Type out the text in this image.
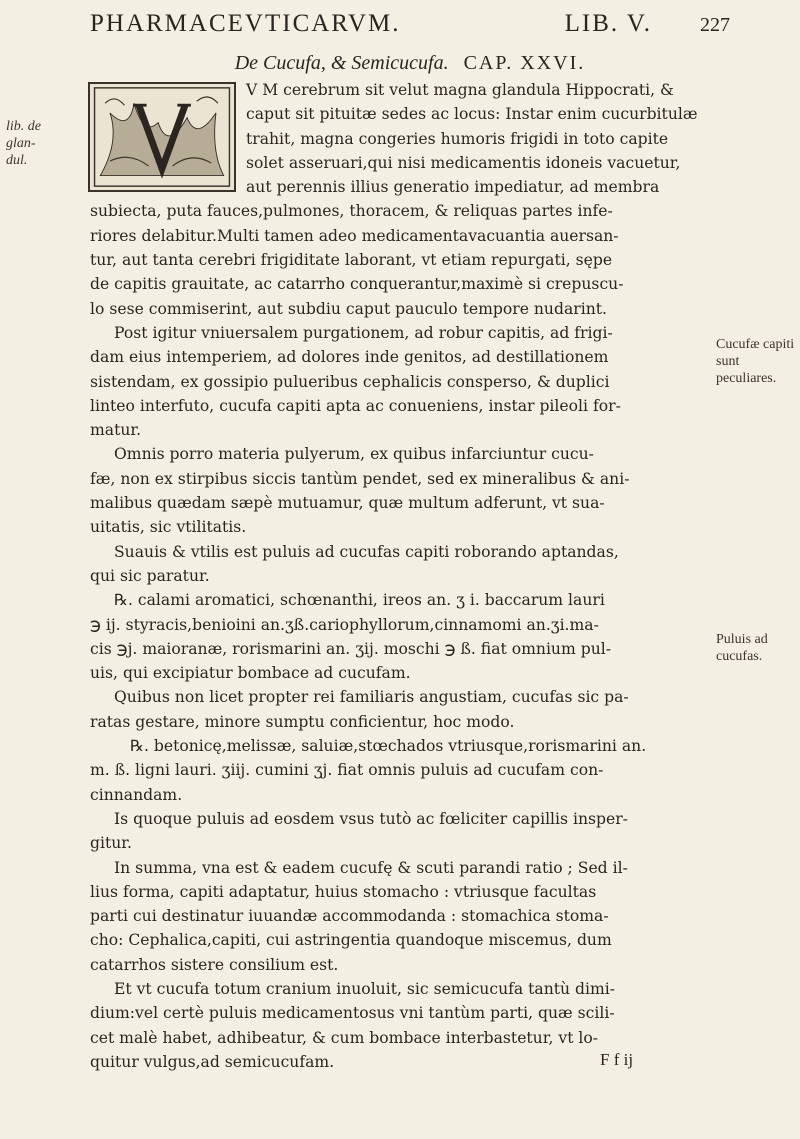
PHARMACEVTICARVM.	LIB. V. 227
De Cucufa, & Semicucufa. CAP. XXVI.
lib. de glan-dul.
Cucufæ capiti sunt peculiares.
Puluis ad cucufas.
V M cerebrum sit velut magna glandula Hippocrati, &
caput sit pituitæ sedes ac locus: Instar enim cucurbitulæ
trahit, magna congeries humoris frigidi in toto capite
solet asseruari,qui nisi medicamentis idoneis vacuetur,
aut perennis illius generatio impediatur, ad membra
subiecta, puta fauces,pulmones, thoracem, & reliquas partes infe-
riores delabitur.Multi tamen adeo medicamentavacuantia auersan-
tur, aut tanta cerebri frigiditate laborant, vt etiam repurgati, sępe
de capitis grauitate, ac catarrho conquerantur,maximè si crepuscu-
lo sese commiserint, aut subdiu caput pauculo tempore nudarint.
Post igitur vniuersalem purgationem, ad robur capitis, ad frigi-
dam eius intemperiem, ad dolores inde genitos, ad destillationem
sistendam, ex gossipio pulueribus cephalicis conspersо, & duplici
linteo interfuto, cucufa capiti apta ac conueniens, instar pileoli for-
matur.
Omnis porro materia pulуerum, ex quibus infarciuntur cucu-
fæ, non ex stirpibus siccis tantùm pendet, sed ex mineralibus & ani-
malibus quædam sæpè mutuamur, quæ multum adferunt, vt sua-
uitatis, sic vtilitatis.
Suauis & vtilis est puluis ad cucufas capiti roborando aptandas,
qui sic paratur.
℞. calami aromatici, schœnanthi, ireos an. ʒ i. baccarum lauri
℈ ij. styracis,benioini an.ʒß.cariophyllorum,cinnamomi an.ʒi.ma-
cis ℈j. maioranæ, rorismarini an. ʒij. moschi ℈ ß. fiat omnium pul-
uis, qui excipiatur bombace ad cucufam.
Quibus non licet propter rei familiaris angustiam, cucufas sic pa-
ratas gestare, minore sumptu conficientur, hoc modo.
℞. betonicę,melissæ, saluiæ,stœchados vtriusque,rorismarini an.
m. ß. ligni lauri. ʒiij. cumini ʒj. fiat omnis puluis ad cucufam con-
cinnandam.
Is quoque puluis ad eosdem vsus tutò ac fœliciter capillis insper-
gitur.
In summa, vna est & eadem cucufę & scuti parandi ratio ; Sed il-
lius forma, capiti adaptatur, huius stomacho : vtriusque facultas
parti cui destinatur iuuandæ accommodanda : stomachica stoma-
cho: Cephalica,capiti, cui astringentia quandoque miscemus, dum
catarrhos sistere consilium est.
Et vt cucufa totum cranium inuoluit, sic semicucufa tantù dimi-
dium:vel certè puluis medicamentosus vni tantùm parti, quæ scili-
cet malè habet, adhibeatur, & cum bombace interbastetur, vt lo-
quitur vulgus,ad semicucufam.	F f ij
